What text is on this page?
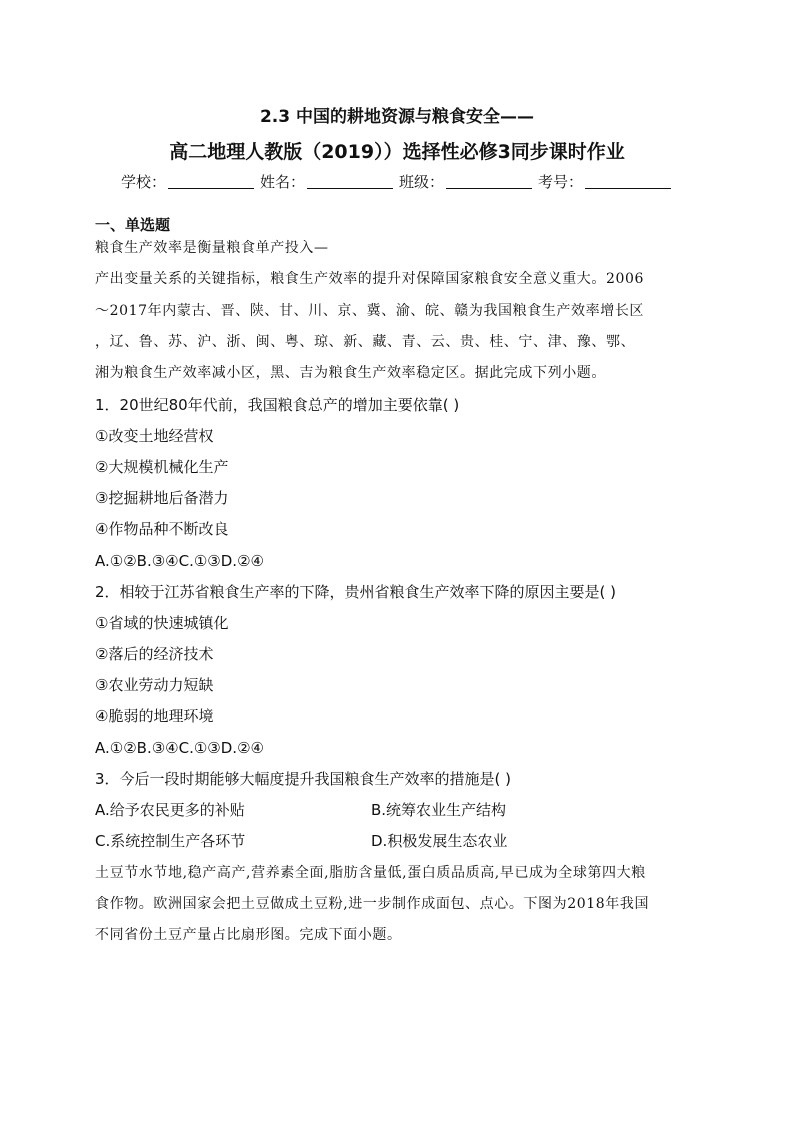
2.3 中国的耕地资源与粮食安全——
高二地理人教版（2019））选择性必修3同步课时作业
学校：	姓名：	班级：	考号：
一、单选题
粮食生产效率是衡量粮食单产投入—
产出变量关系的关键指标，粮食生产效率的提升对保障国家粮食安全意义重大。2006
～2017年内蒙古、晋、陕、甘、川、京、冀、渝、皖、赣为我国粮食生产效率增长区
，辽、鲁、苏、沪、浙、闽、粤、琼、新、藏、青、云、贵、桂、宁、津、豫、鄂、
湘为粮食生产效率减小区，黑、吉为粮食生产效率稳定区。据此完成下列小题。
1．20世纪80年代前，我国粮食总产的增加主要依靠( )
①改变土地经营权
②大规模机械化生产
③挖掘耕地后备潜力
④作物品种不断改良
A.①②B.③④C.①③D.②④
2．相较于江苏省粮食生产率的下降，贵州省粮食生产效率下降的原因主要是( )
①省域的快速城镇化
②落后的经济技术
③农业劳动力短缺
④脆弱的地理环境
A.①②B.③④C.①③D.②④
3．今后一段时期能够大幅度提升我国粮食生产效率的措施是( )
A.给予农民更多的补贴	B.统筹农业生产结构
C.系统控制生产各环节	D.积极发展生态农业
土豆节水节地,稳产高产,营养素全面,脂肪含量低,蛋白质品质高,早已成为全球第四大粮
食作物。欧洲国家会把土豆做成土豆粉,进一步制作成面包、点心。下图为2018年我国
不同省份土豆产量占比扇形图。完成下面小题。
